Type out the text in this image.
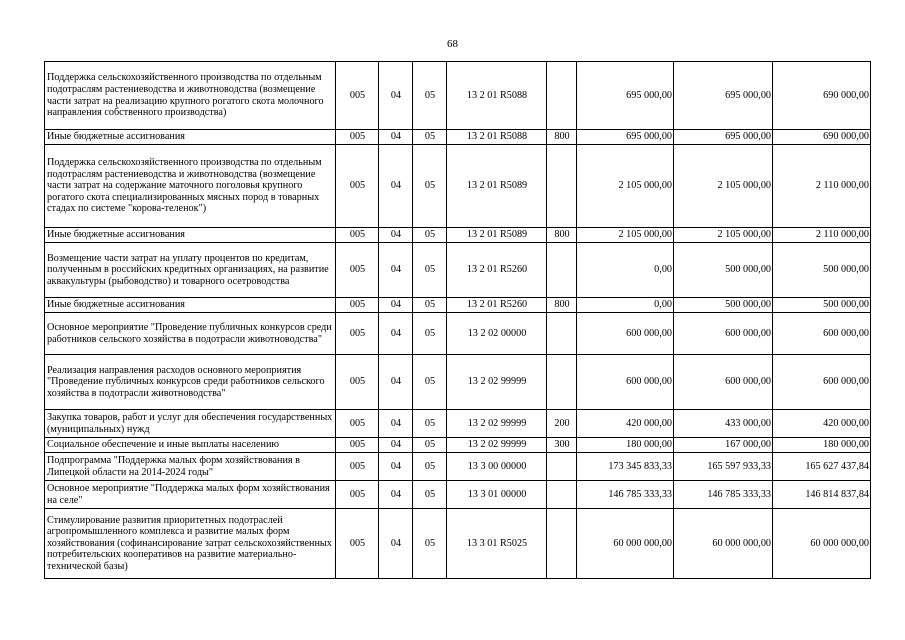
68
Поддержка сельскохозяйственного производства по отдельным подотраслям растениеводства и животноводства (возмещение части затрат на реализацию крупного рогатого скота молочного направления собственного производства)	005	04	05	13 2 01 R5088		695 000,00	695 000,00	690 000,00
Иные бюджетные ассигнования	005	04	05	13 2 01 R5088	800	695 000,00	695 000,00	690 000,00
Поддержка сельскохозяйственного производства по отдельным подотраслям растениеводства и животноводства (возмещение части затрат на содержание маточного поголовья крупного рогатого скота специализированных мясных пород в товарных стадах по системе "корова-теленок")	005	04	05	13 2 01 R5089		2 105 000,00	2 105 000,00	2 110 000,00
Иные бюджетные ассигнования	005	04	05	13 2 01 R5089	800	2 105 000,00	2 105 000,00	2 110 000,00
Возмещение части затрат на уплату процентов по кредитам, полученным в российских кредитных организациях, на развитие аквакультуры (рыбоводство) и товарного осетроводства	005	04	05	13 2 01 R5260		0,00	500 000,00	500 000,00
Иные бюджетные ассигнования	005	04	05	13 2 01 R5260	800	0,00	500 000,00	500 000,00
Основное мероприятие "Проведение публичных конкурсов среди работников сельского хозяйства в подотрасли животноводства"	005	04	05	13 2 02 00000		600 000,00	600 000,00	600 000,00
Реализация направления расходов основного мероприятия "Проведение публичных конкурсов среди работников сельского хозяйства в подотрасли животноводства"	005	04	05	13 2 02 99999		600 000,00	600 000,00	600 000,00
Закупка товаров, работ и услуг для обеспечения государственных (муниципальных) нужд	005	04	05	13 2 02 99999	200	420 000,00	433 000,00	420 000,00
Социальное обеспечение и иные выплаты населению	005	04	05	13 2 02 99999	300	180 000,00	167 000,00	180 000,00
Подпрограмма "Поддержка малых форм хозяйствования в Липецкой области на 2014-2024 годы"	005	04	05	13 3 00 00000		173 345 833,33	165 597 933,33	165 627 437,84
Основное мероприятие "Поддержка малых форм хозяйствования на селе"	005	04	05	13 3 01 00000		146 785 333,33	146 785 333,33	146 814 837,84
Стимулирование развития приоритетных подотраслей агропромышленного комплекса и развитие малых форм хозяйствования (софинансирование затрат сельскохозяйственных потребительских кооперативов на развитие материально-технической базы)	005	04	05	13 3 01 R5025		60 000 000,00	60 000 000,00	60 000 000,00
